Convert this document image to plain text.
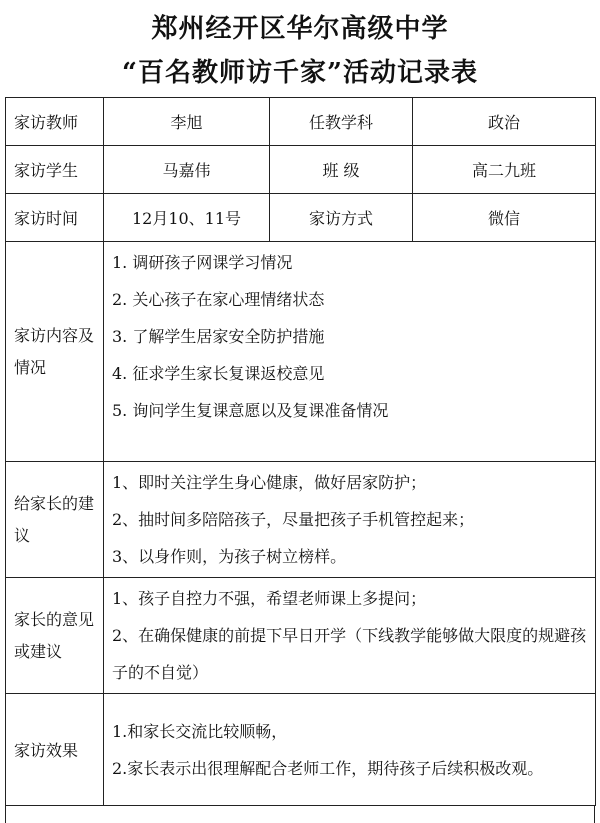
郑州经开区华尔高级中学
“百名教师访千家”活动记录表
家访教师	李旭	任教学科	政治
家访学生	马嘉伟	班 级	高二九班
家访时间	12月10、11号	家访方式	微信
家访内容及情况	1. 调研孩子网课学习情况
2. 关心孩子在家心理情绪状态
3. 了解学生居家安全防护措施
4. 征求学生家长复课返校意见
5. 询问学生复课意愿以及复课准备情况		

给家长的建议	1、即时关注学生身心健康，做好居家防护；
2、抽时间多陪陪孩子，尽量把孩子手机管控起来；
3、以身作则，为孩子树立榜样。		

家长的意见或建议	1、孩子自控力不强，希望老师课上多提问；
2、在确保健康的前提下早日开学（下线教学能够做大限度的规避孩子的不自觉）		

家访效果	1.和家长交流比较顺畅，
2.家长表示出很理解配合老师工作，期待孩子后续积极改观。		
